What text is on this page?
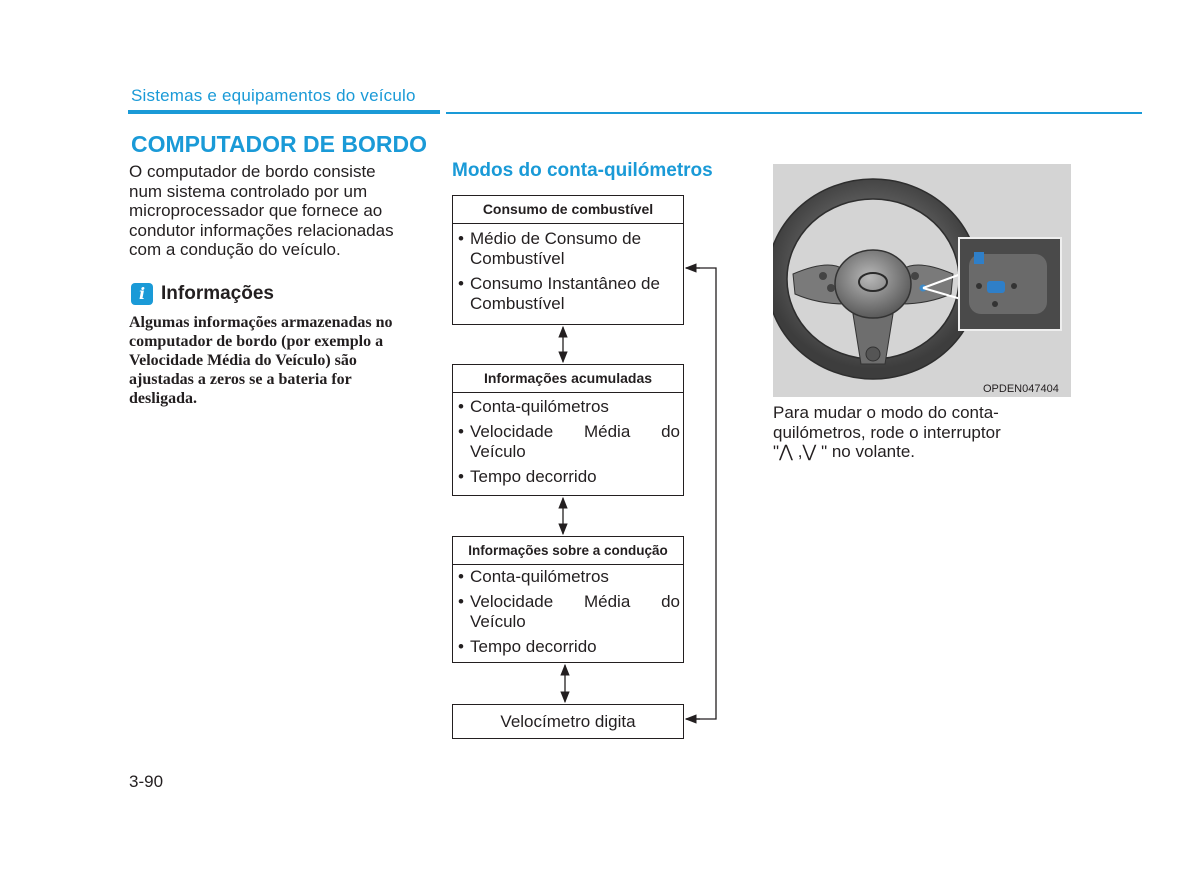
Sistemas e equipamentos do veículo
COMPUTADOR DE BORDO
O computador de bordo consiste
num sistema controlado por um
microprocessador que fornece ao
condutor informações relacionadas
com a condução do veículo.
i Informações
Algumas informações armazenadas no
computador de bordo (por exemplo a
Velocidade Média do Veículo) são
ajustadas a zeros se a bateria for
desligada.
Modos do conta-quilómetros
Consumo de combustível
• Médio de Consumo de
Combustível
• Consumo Instantâneo de
Combustível
Informações acumuladas
• Conta-quilómetros
• Velocidade Média do
Veículo
• Tempo decorrido
Informações sobre a condução
• Conta-quilómetros
• Velocidade Média do
Veículo
• Tempo decorrido
Velocímetro digita
OPDEN047404
Para mudar o modo do conta-
quilómetros, rode o interruptor
"⋀ ,⋁ " no volante.
3-90
